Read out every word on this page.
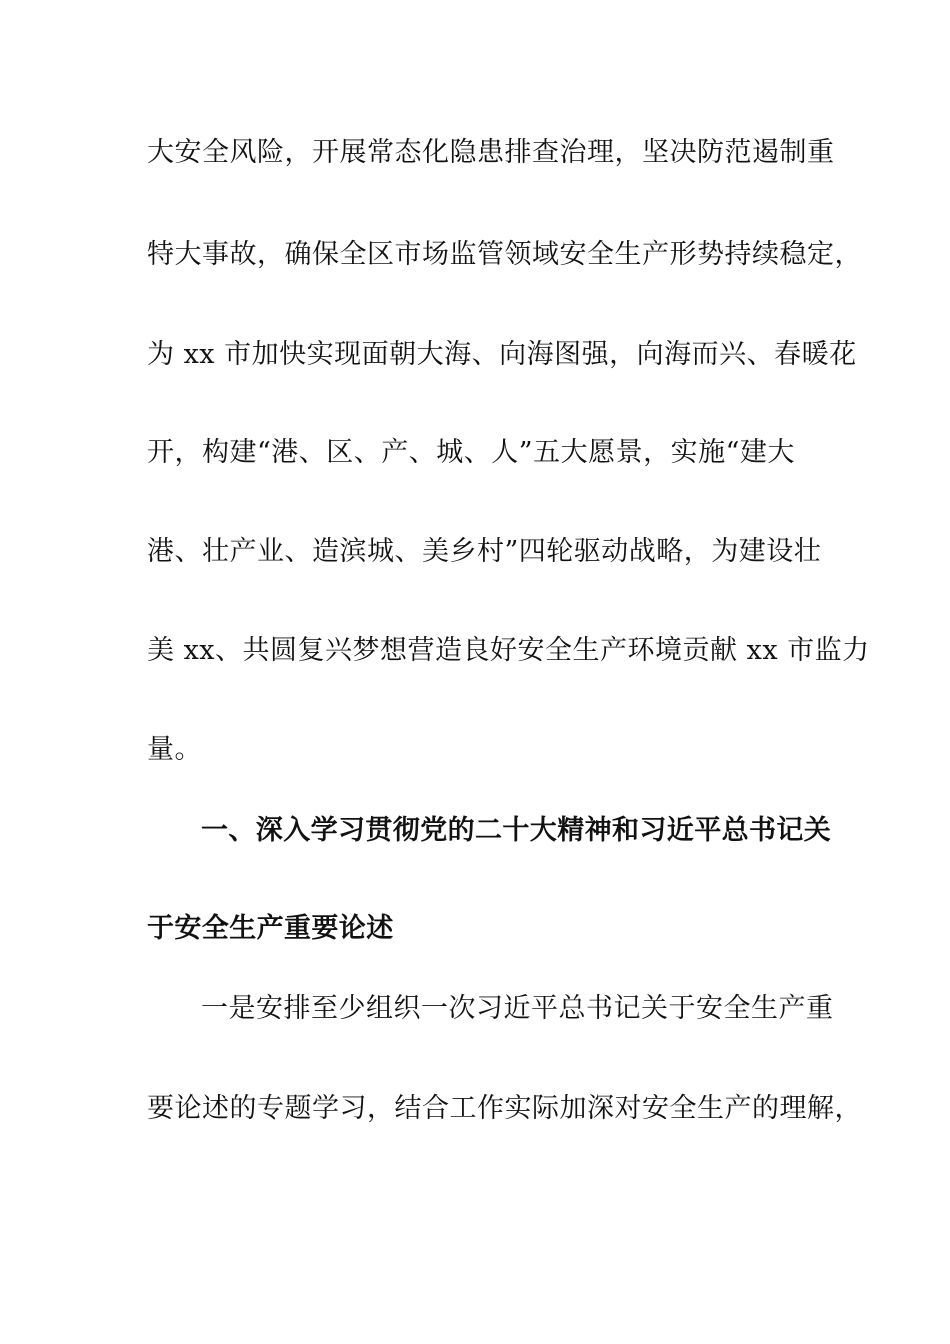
大安全风险，开展常态化隐患排查治理，坚决防范遏制重
特大事故，确保全区市场监管领域安全生产形势持续稳定，
为 xx 市加快实现面朝大海、向海图强，向海而兴、春暖花
开，构建“港、区、产、城、人”五大愿景，实施“建大
港、壮产业、造滨城、美乡村”四轮驱动战略，为建设壮
美 xx、共圆复兴梦想营造良好安全生产环境贡献 xx 市监力
量。
一、深入学习贯彻党的二十大精神和习近平总书记关
于安全生产重要论述
一是安排至少组织一次习近平总书记关于安全生产重
要论述的专题学习，结合工作实际加深对安全生产的理解，
